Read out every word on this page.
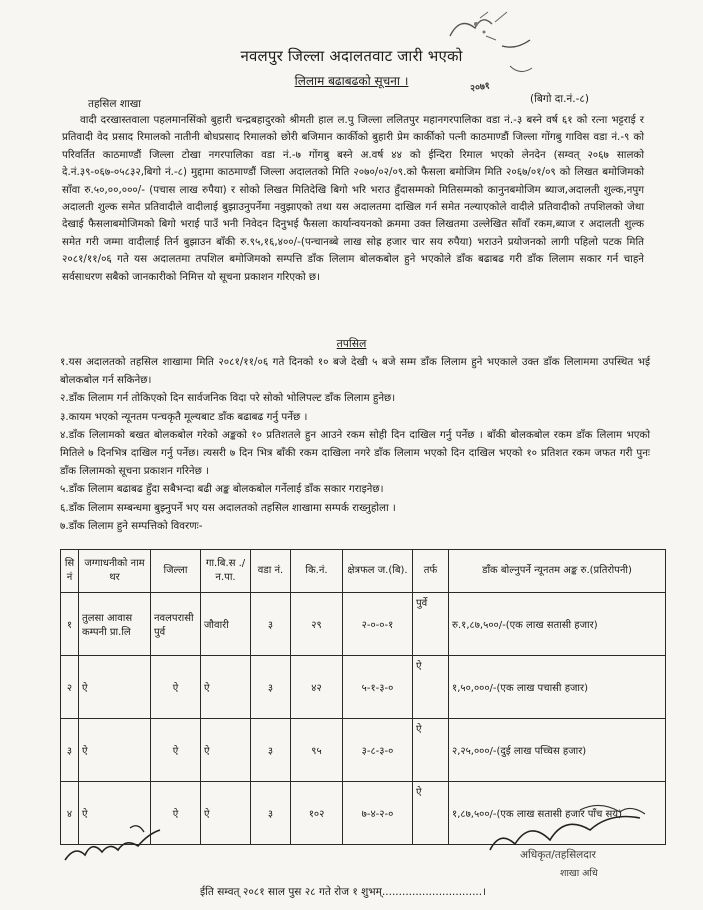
नवलपुर जिल्ला अदालतवाट जारी भएको
लिलाम बढाबढको सूचना ।	२०७१
तहसिल शाखा	(बिगो दा.नं.-८)
वादी दरखास्तवाला पहलमानसिंको बुहारी चन्द्रबहादुरको श्रीमती हाल ल.पु जिल्ला ललितपुर महानगरपालिका वडा नं.-३ बस्ने वर्ष ६१ को रत्ना भट्टराई र प्रतिवादी वेद प्रसाद रिमालको नातीनी बोधप्रसाद रिमालको छोरी बजिमान कार्कीको बुहारी प्रेम कार्कीको पत्नी काठमाण्डौं जिल्ला गोंगबु गाविस वडा नं.-९ को परिवर्तित काठमाण्डौं जिल्ला टोखा नगरपालिका वडा नं.-७ गोंगबु बस्ने अ.वर्ष ४४ को ईन्दिरा रिमाल भएको लेनदेन (सम्वत् २०६७ सालको दे.नं.३९-०६७-०५८३२,बिगो नं.-८) मुद्दामा काठमाण्डौं जिल्ला अदालतको मिति २०७०/०२/०९.को फैसला बमोजिम मिति २०६७/०१/०९ को लिखत बमोजिमको साँवा रु.५०,००,०००/- (पचास लाख रुपैया) र सोको लिखत मितिदेखि बिगो भरि भराउ हुँदासम्मको मितिसम्मको कानुनबमोजिम ब्याज,अदालती शुल्क,नपुग अदालती शुल्क समेत प्रतिवादीले वादीलाई बुझाउनुपर्नेमा नवुझाएको तथा यस अदालतमा दाखिल गर्न समेत नल्याएकोले वादीले प्रतिवादीको तपशिलको जेथा देखाई फैसलाबमोजिमको बिगो भराई पाउँ भनी निवेदन दिनुभई फैसला कार्यान्वयनको क्रममा उक्त लिखतमा उल्लेखित साँवाँ रकम,ब्याज र अदालती शुल्क समेत गरी जम्मा वादीलाई तिर्न बुझाउन बाँकी रु.९५,१६,४००/-(पन्चानब्बे लाख सोह्र हजार चार सय रुपैया) भराउने प्रयोजनको लागी पहिलो पटक मिति २०८१/११/०६ गते यस अदालतमा तपशिल बमोजिमको सम्पत्ति डाँक लिलाम बोलकबोल हुने भएकोले डाँक बढाबढ गरी डाँक लिलाम सकार गर्न चाहने सर्वसाधरण सबैको जानकारीको निमित्त यो सूचना प्रकाशन गरिएको छ।
तपसिल

१.यस अदालतको तहसिल शाखामा मिति २०८१/११/०६ गते दिनको १० बजे देखी ५ बजे सम्म डाँक लिलाम हुने भएकाले उक्त डाँक लिलाममा उपस्थित भई बोलकबोल गर्न सकिनेछ।

२.डाँक लिलाम गर्न तोकिएको दिन सार्वजनिक विदा परे सोको भोलिपल्ट डाँक लिलाम हुनेछ।

३.कायम भएको न्यूनतम पन्चकृतै मूल्यबाट डाँक बढाबढ गर्नु पर्नेछ ।

४.डाँक लिलामको बखत बोलकबोल गरेको अङ्कको १० प्रतिशतले हुन आउने रकम सोही दिन दाखिल गर्नु पर्नेछ । बाँकी बोलकबोल रकम डाँक लिलाम भएको मितिले ७ दिनभित्र दाखिल गर्नु पर्नेछ। त्यसरी ७ दिन भित्र बाँकी रकम दाखिला नगरे डाँक लिलाम भएको दिन दाखिल भएको १० प्रतिशत रकम जफत गरी पुनः डाँक लिलामको सूचना प्रकाशन गरिनेछ ।

५.डाँक लिलाम बढाबढ हुँदा सबैभन्दा बढी अङ्क बोलकबोल गर्नेलाई डाँक सकार गराइनेछ।

६.डाँक लिलाम सम्बन्धमा बुझ्नुपर्ने भए यस अदालतको तहसिल शाखामा सम्पर्क राख्नुहोला ।

७.डाँक लिलाम हुने सम्पत्तिको विवरणः-

सि नं	जग्गाधनीको नाम थर	जिल्ला	गा.बि.स ./न.पा.	वडा नं.	कि.नं.	क्षेत्रफल ज.(बि).	तर्फ	डाँक बोल्नुपर्ने न्यूनतम अङ्क रु.(प्रतिरोपनी)
१	तुलसा आवास कम्पनी प्रा.लि	नवलपरासी पुर्व	जौवारी	३	२९	२-०-०-१	पुर्वे	रु.१,८७,५००/-(एक लाख सतासी हजार)
२	ऐ	ऐ	ऐ	३	४२	५-१-३-०	ऐ	१,५०,०००/-(एक लाख पचासी हजार)
३	ऐ	ऐ	ऐ	३	९५	३-८-३-०	ऐ	२,२५,०००/-(दुई लाख पच्चिस हजार)
४	ऐ	ऐ	ऐ	३	१०२	७-४-२-०	ऐ	१,८७,५००/-(एक लाख सतासी हजार पाँच सय)
अधिकृत/तहसिलदार
शाखा अधि
ईति सम्वत् २०८१ साल पुस २८ गते रोज १ शुभम्..............................।
